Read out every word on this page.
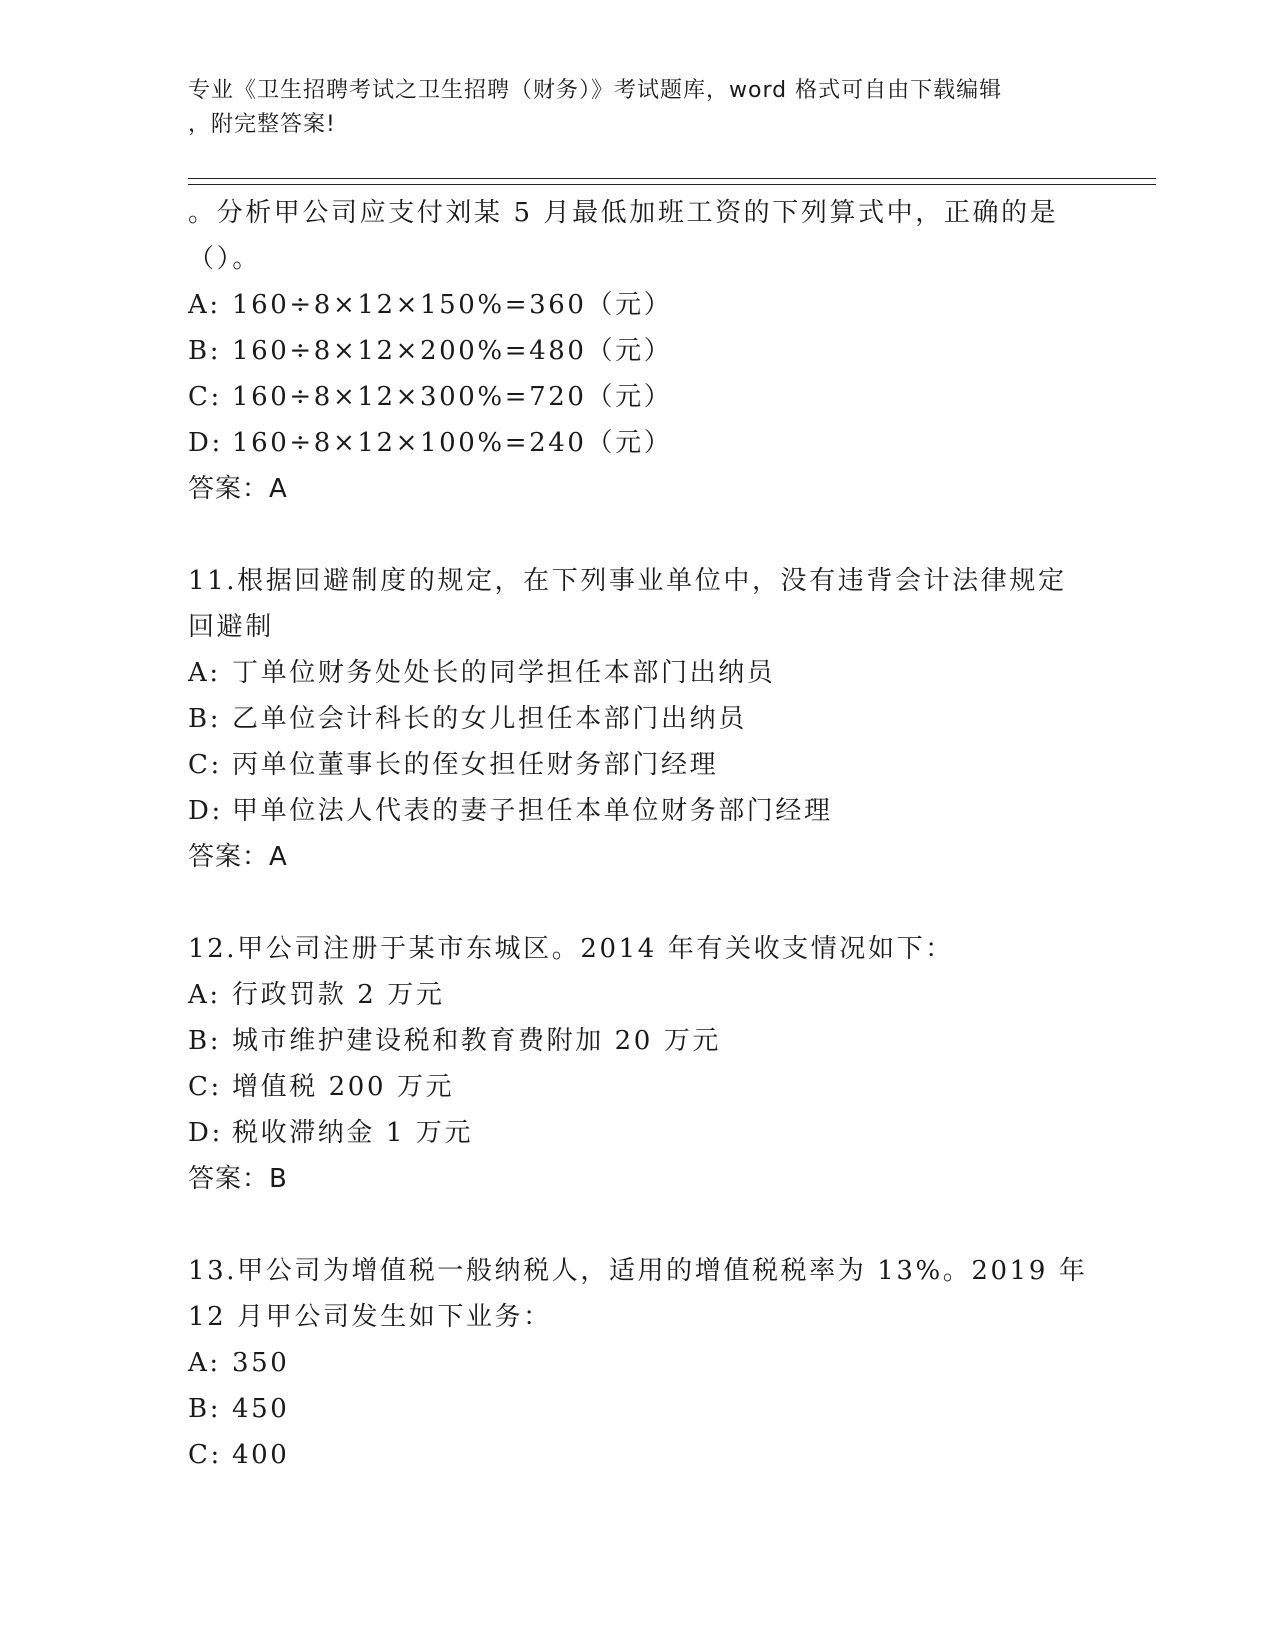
专业《卫生招聘考试之卫生招聘（财务）》考试题库，word 格式可自由下载编辑
，附完整答案!
。分析甲公司应支付刘某 5 月最低加班工资的下列算式中，正确的是
（）。
A: 160÷8×12×150%=360（元）
B: 160÷8×12×200%=480（元）
C: 160÷8×12×300%=720（元）
D: 160÷8×12×100%=240（元）
答案：A
11.根据回避制度的规定，在下列事业单位中，没有违背会计法律规定
回避制
A: 丁单位财务处处长的同学担任本部门出纳员
B: 乙单位会计科长的女儿担任本部门出纳员
C: 丙单位董事长的侄女担任财务部门经理
D: 甲单位法人代表的妻子担任本单位财务部门经理
答案：A
12.甲公司注册于某市东城区。2014 年有关收支情况如下：
A: 行政罚款 2 万元
B: 城市维护建设税和教育费附加 20 万元
C: 增值税 200 万元
D: 税收滞纳金 1 万元
答案：B
13.甲公司为增值税一般纳税人，适用的增值税税率为 13%。2019 年
12 月甲公司发生如下业务：
A: 350
B: 450
C: 400
